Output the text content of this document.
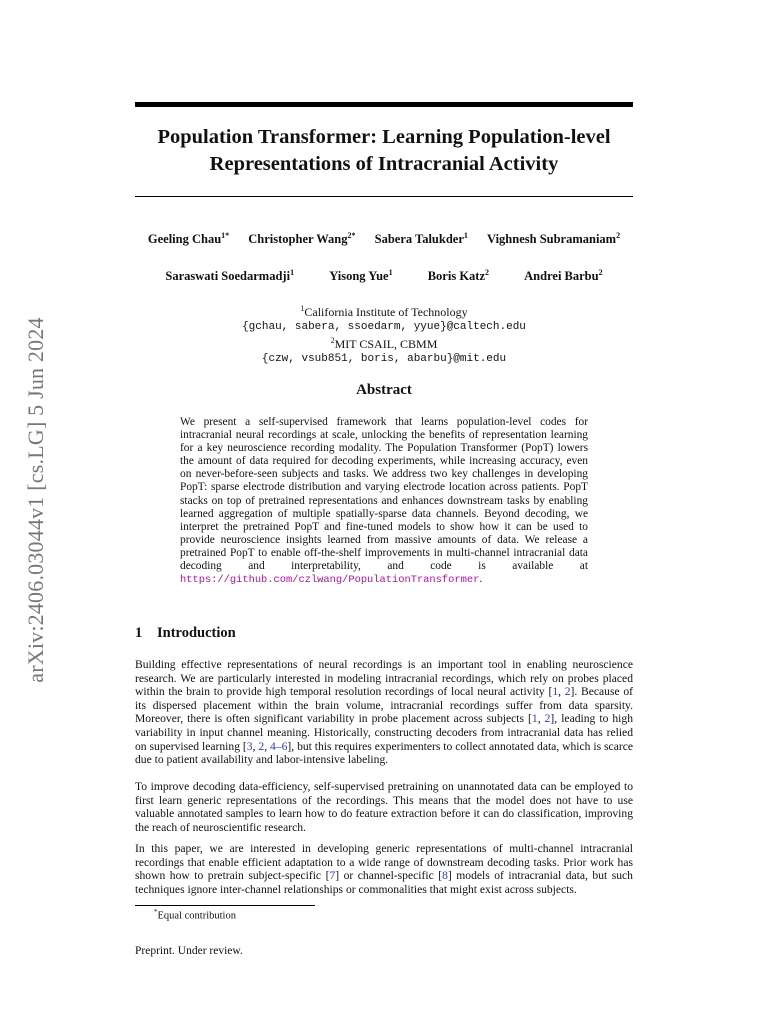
arXiv:2406.03044v1 [cs.LG] 5 Jun 2024
Population Transformer: Learning Population-level Representations of Intracranial Activity
Geeling Chau$^{1*}$ Christopher Wang$^{2*}$ Sabera Talukder$^1$ Vighnesh Subramaniam$^2$
Saraswati Soedarmadji$^1$	Yisong Yue$^1$	Boris Katz$^2$	Andrei Barbu$^2$
$^1$California Institute of Technology
{gchau, sabera, ssoedarm, yyue}@caltech.edu
$^2$MIT CSAIL, CBMM
{czw, vsub851, boris, abarbu}@mit.edu
Abstract
We present a self-supervised framework that learns population-level codes for intracranial neural recordings at scale, unlocking the benefits of representation learning for a key neuroscience recording modality. The Population Transformer (PopT) lowers the amount of data required for decoding experiments, while increasing accuracy, even on never-before-seen subjects and tasks. We address two key challenges in developing PopT: sparse electrode distribution and varying electrode location across patients. PopT stacks on top of pretrained representations and enhances downstream tasks by enabling learned aggregation of multiple spatially-sparse data channels. Beyond decoding, we interpret the pretrained PopT and fine-tuned models to show how it can be used to provide neuroscience insights learned from massive amounts of data. We release a pretrained PopT to enable off-the-shelf improvements in multi-channel intracranial data decoding and interpretability, and code is available at https://github.com/czlwang/PopulationTransformer.
1 Introduction

Building effective representations of neural recordings is an important tool in enabling neuroscience research. We are particularly interested in modeling intracranial recordings, which rely on probes placed within the brain to provide high temporal resolution recordings of local neural activity [1, 2]. Because of its dispersed placement within the brain volume, intracranial recordings suffer from data sparsity. Moreover, there is often significant variability in probe placement across subjects [1, 2], leading to high variability in input channel meaning. Historically, constructing decoders from intracranial data has relied on supervised learning [3, 2, 4–6], but this requires experimenters to collect annotated data, which is scarce due to patient availability and labor-intensive labeling.

To improve decoding data-efficiency, self-supervised pretraining on unannotated data can be employed to first learn generic representations of the recordings. This means that the model does not have to use valuable annotated samples to learn how to do feature extraction before it can do classification, improving the reach of neuroscientific research.

In this paper, we are interested in developing generic representations of multi-channel intracranial recordings that enable efficient adaptation to a wide range of downstream decoding tasks. Prior work has shown how to pretrain subject-specific [7] or channel-specific [8] models of intracranial data, but such techniques ignore inter-channel relationships or commonalities that might exist across subjects.

*Equal contribution
Preprint. Under review.
